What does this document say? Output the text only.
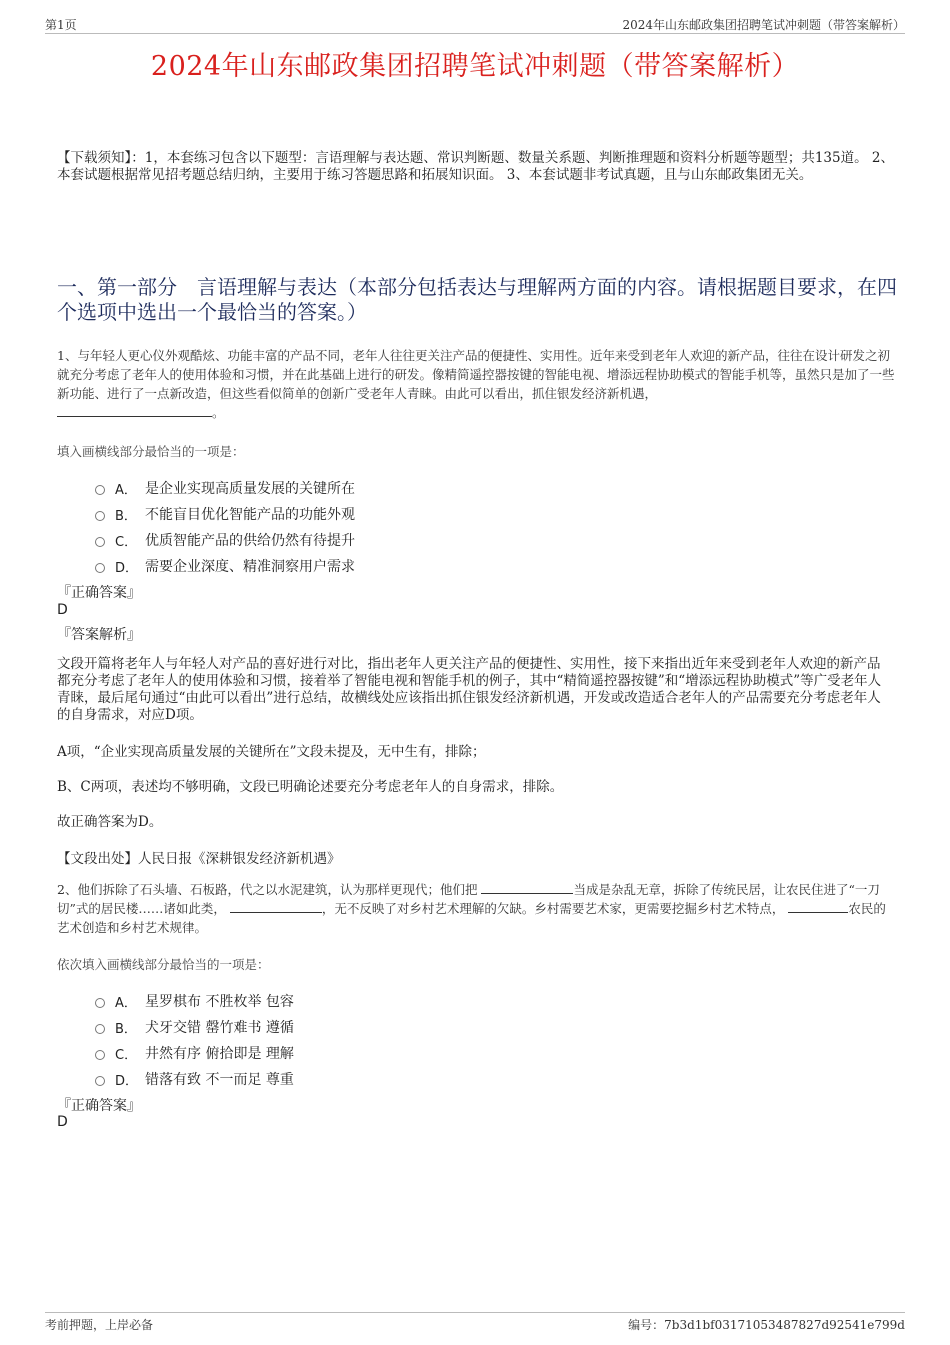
第1页	2024年山东邮政集团招聘笔试冲刺题（带答案解析）
2024年山东邮政集团招聘笔试冲刺题（带答案解析）
【下载须知】：1，本套练习包含以下题型：言语理解与表达题、常识判断题、数量关系题、判断推理题和资料分析题等题型；共135道。 2、本套试题根据常见招考题总结归纳，主要用于练习答题思路和拓展知识面。 3、本套试题非考试真题，且与山东邮政集团无关。
一、第一部分　言语理解与表达（本部分包括表达与理解两方面的内容。请根据题目要求，在四个选项中选出一个最恰当的答案。）
1、与年轻人更心仪外观酷炫、功能丰富的产品不同，老年人往往更关注产品的便捷性、实用性。近年来受到老年人欢迎的新产品，往往在设计研发之初就充分考虑了老年人的使用体验和习惯，并在此基础上进行的研发。像精简遥控器按键的智能电视、增添远程协助模式的智能手机等，虽然只是加了一些新功能、进行了一点新改造，但这些看似简单的创新广受老年人青睐。由此可以看出，抓住银发经济新机遇，
。
填入画横线部分最恰当的一项是：
A． 是企业实现高质量发展的关键所在
B． 不能盲目优化智能产品的功能外观
C． 优质智能产品的供给仍然有待提升
D． 需要企业深度、精准洞察用户需求
『正确答案』
D
『答案解析』
文段开篇将老年人与年轻人对产品的喜好进行对比，指出老年人更关注产品的便捷性、实用性，接下来指出近年来受到老年人欢迎的新产品都充分考虑了老年人的使用体验和习惯，接着举了智能电视和智能手机的例子，其中“精简遥控器按键”和“增添远程协助模式”等广受老年人青睐，最后尾句通过“由此可以看出”进行总结，故横线处应该指出抓住银发经济新机遇，开发或改造适合老年人的产品需要充分考虑老年人的自身需求，对应D项。
A项，“企业实现高质量发展的关键所在”文段未提及，无中生有，排除；
B、C两项，表述均不够明确，文段已明确论述要充分考虑老年人的自身需求，排除。
故正确答案为D。
【文段出处】人民日报《深耕银发经济新机遇》
2、他们拆除了石头墙、石板路，代之以水泥建筑，认为那样更现代；他们把	当成是杂乱无章，拆除了传统民居，让农民住进了“一刀切”式的居民楼……诸如此类，	，无不反映了对乡村艺术理解的欠缺。乡村需要艺术家，更需要挖掘乡村艺术特点，	农民的艺术创造和乡村艺术规律。
依次填入画横线部分最恰当的一项是：
A． 星罗棋布 不胜枚举 包容
B． 犬牙交错 罄竹难书 遵循
C． 井然有序 俯拾即是 理解
D． 错落有致 不一而足 尊重
『正确答案』
D
考前押题，上岸必备	编号：7b3d1bf03171053487827d92541e799d
